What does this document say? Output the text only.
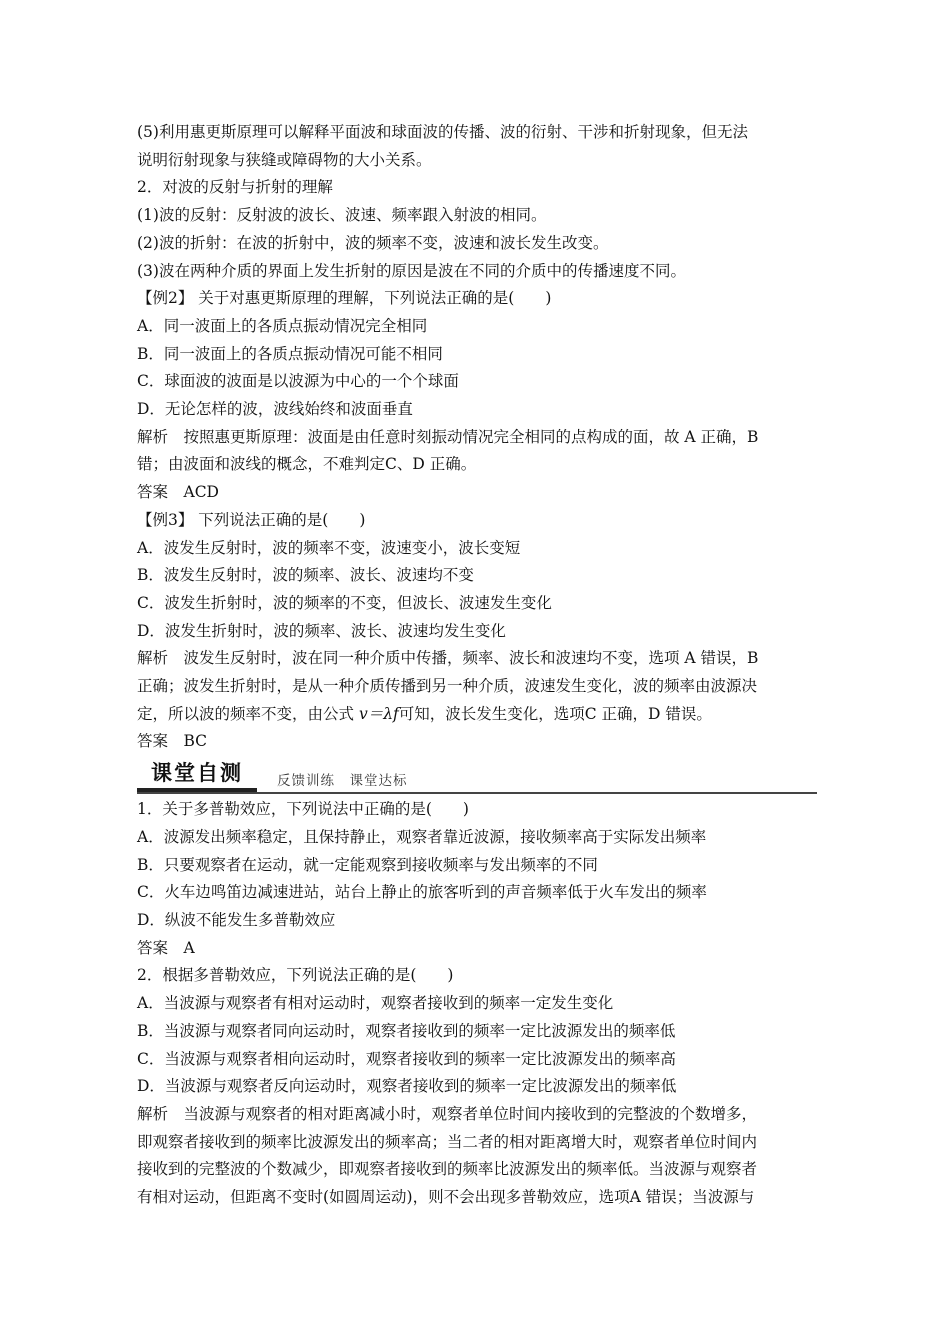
(5)利用惠更斯原理可以解释平面波和球面波的传播、波的衍射、干涉和折射现象，但无法
说明衍射现象与狭缝或障碍物的大小关系。
2．对波的反射与折射的理解
(1)波的反射：反射波的波长、波速、频率跟入射波的相同。
(2)波的折射：在波的折射中，波的频率不变，波速和波长发生改变。
(3)波在两种介质的界面上发生折射的原因是波在不同的介质中的传播速度不同。
【例2】 关于对惠更斯原理的理解，下列说法正确的是(　　)
A．同一波面上的各质点振动情况完全相同
B．同一波面上的各质点振动情况可能不相同
C．球面波的波面是以波源为中心的一个个球面
D．无论怎样的波，波线始终和波面垂直
解析　按照惠更斯原理：波面是由任意时刻振动情况完全相同的点构成的面，故 A 正确，B
错；由波面和波线的概念，不难判定C、D 正确。
答案　ACD
【例3】 下列说法正确的是(　　)
A．波发生反射时，波的频率不变，波速变小，波长变短
B．波发生反射时，波的频率、波长、波速均不变
C．波发生折射时，波的频率的不变，但波长、波速发生变化
D．波发生折射时，波的频率、波长、波速均发生变化
解析　波发生反射时，波在同一种介质中传播，频率、波长和波速均不变，选项 A 错误，B
正确；波发生折射时，是从一种介质传播到另一种介质，波速发生变化，波的频率由波源决
定，所以波的频率不变，由公式 v＝λf可知，波长发生变化，选项C 正确，D 错误。
答案　BC
课堂自测	反馈训练　课堂达标
1．关于多普勒效应，下列说法中正确的是(　　)
A．波源发出频率稳定，且保持静止，观察者靠近波源，接收频率高于实际发出频率
B．只要观察者在运动，就一定能观察到接收频率与发出频率的不同
C．火车边鸣笛边减速进站，站台上静止的旅客听到的声音频率低于火车发出的频率
D．纵波不能发生多普勒效应
答案　A
2．根据多普勒效应，下列说法正确的是(　　)
A．当波源与观察者有相对运动时，观察者接收到的频率一定发生变化
B．当波源与观察者同向运动时，观察者接收到的频率一定比波源发出的频率低
C．当波源与观察者相向运动时，观察者接收到的频率一定比波源发出的频率高
D．当波源与观察者反向运动时，观察者接收到的频率一定比波源发出的频率低
解析　当波源与观察者的相对距离减小时，观察者单位时间内接收到的完整波的个数增多，
即观察者接收到的频率比波源发出的频率高；当二者的相对距离增大时，观察者单位时间内
接收到的完整波的个数减少，即观察者接收到的频率比波源发出的频率低。当波源与观察者
有相对运动，但距离不变时(如圆周运动)，则不会出现多普勒效应，选项A 错误；当波源与
